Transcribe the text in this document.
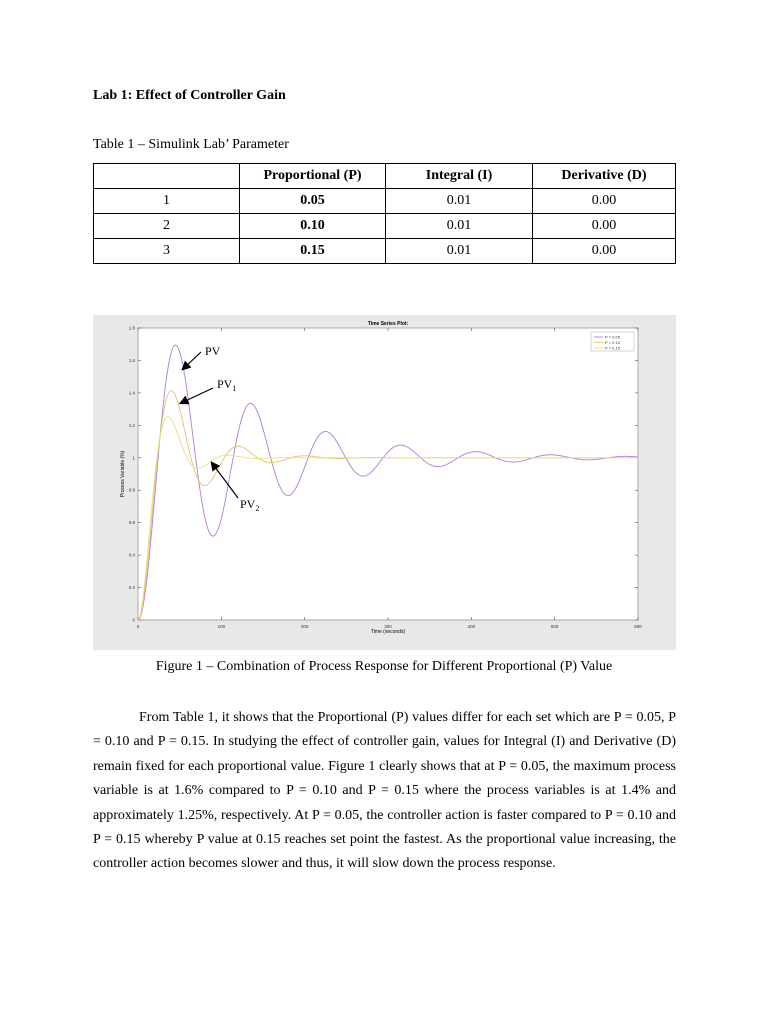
Lab 1: Effect of Controller Gain
Table 1 – Simulink Lab’ Parameter
	Proportional (P)	Integral (I)	Derivative (D)
1	0.05	0.01	0.00
2	0.10	0.01	0.00
3	0.15	0.01	0.00
Time Series Plot:
Time (seconds)
Process Variable (%)
0	100	200	300	400	500	600
0
0.2
0.4
0.6
0.8
1
1.2
1.4
1.6
1.8
P = 0.05
P = 0.10
P = 0.15
PV
$PV_1$
$PV_2$
Figure 1 – Combination of Process Response for Different Proportional (P) Value

From Table 1, it shows that the Proportional (P) values differ for each set which are P = 0.05, P = 0.10 and P = 0.15. In studying the effect of controller gain, values for Integral (I) and Derivative (D) remain fixed for each proportional value. Figure 1 clearly shows that at P = 0.05, the maximum process variable is at 1.6% compared to P = 0.10 and P = 0.15 where the process variables is at 1.4% and approximately 1.25%, respectively. At P = 0.05, the controller action is faster compared to P = 0.10 and P = 0.15 whereby P value at 0.15 reaches set point the fastest. As the proportional value increasing, the controller action becomes slower and thus, it will slow down the process response.
